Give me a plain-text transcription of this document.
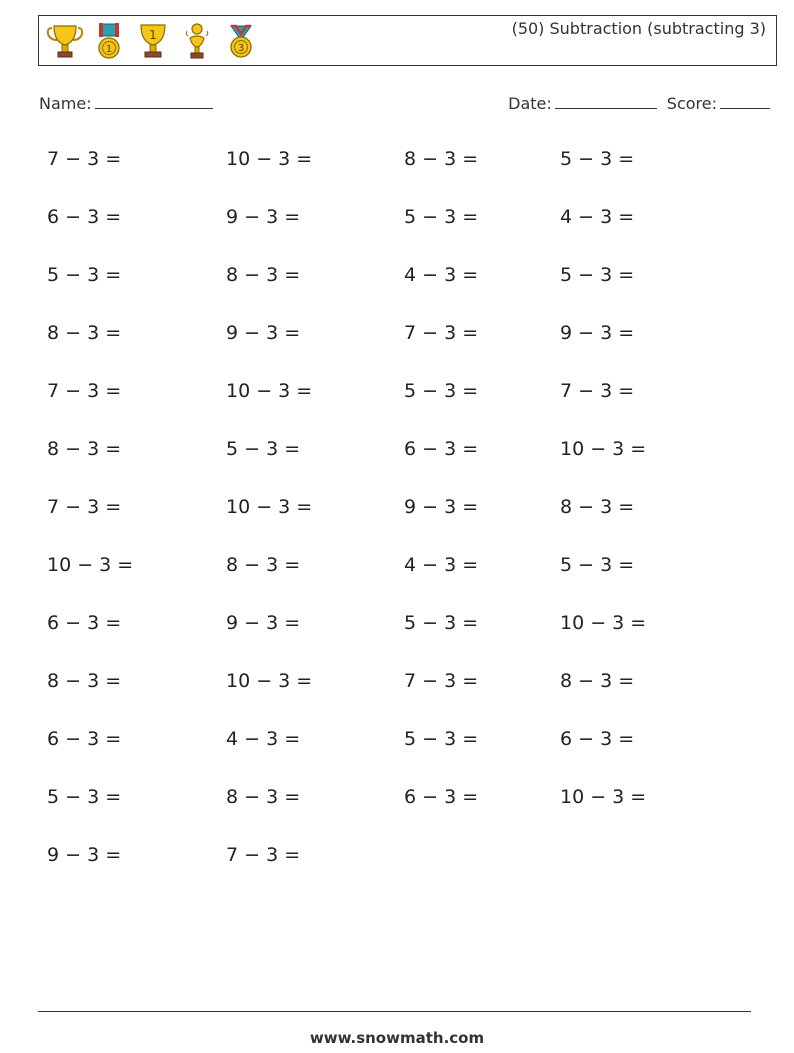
1
1
3
(50) Subtraction (subtracting 3)
Name:	Date:	Score:
7 − 3 =	10 − 3 =	8 − 3 =	5 − 3 =
6 − 3 =	9 − 3 =	5 − 3 =	4 − 3 =
5 − 3 =	8 − 3 =	4 − 3 =	5 − 3 =
8 − 3 =	9 − 3 =	7 − 3 =	9 − 3 =
7 − 3 =	10 − 3 =	5 − 3 =	7 − 3 =
8 − 3 =	5 − 3 =	6 − 3 =	10 − 3 =
7 − 3 =	10 − 3 =	9 − 3 =	8 − 3 =
10 − 3 =	8 − 3 =	4 − 3 =	5 − 3 =
6 − 3 =	9 − 3 =	5 − 3 =	10 − 3 =
8 − 3 =	10 − 3 =	7 − 3 =	8 − 3 =
6 − 3 =	4 − 3 =	5 − 3 =	6 − 3 =
5 − 3 =	8 − 3 =	6 − 3 =	10 − 3 =
9 − 3 =	7 − 3 =
www.snowmath.com
